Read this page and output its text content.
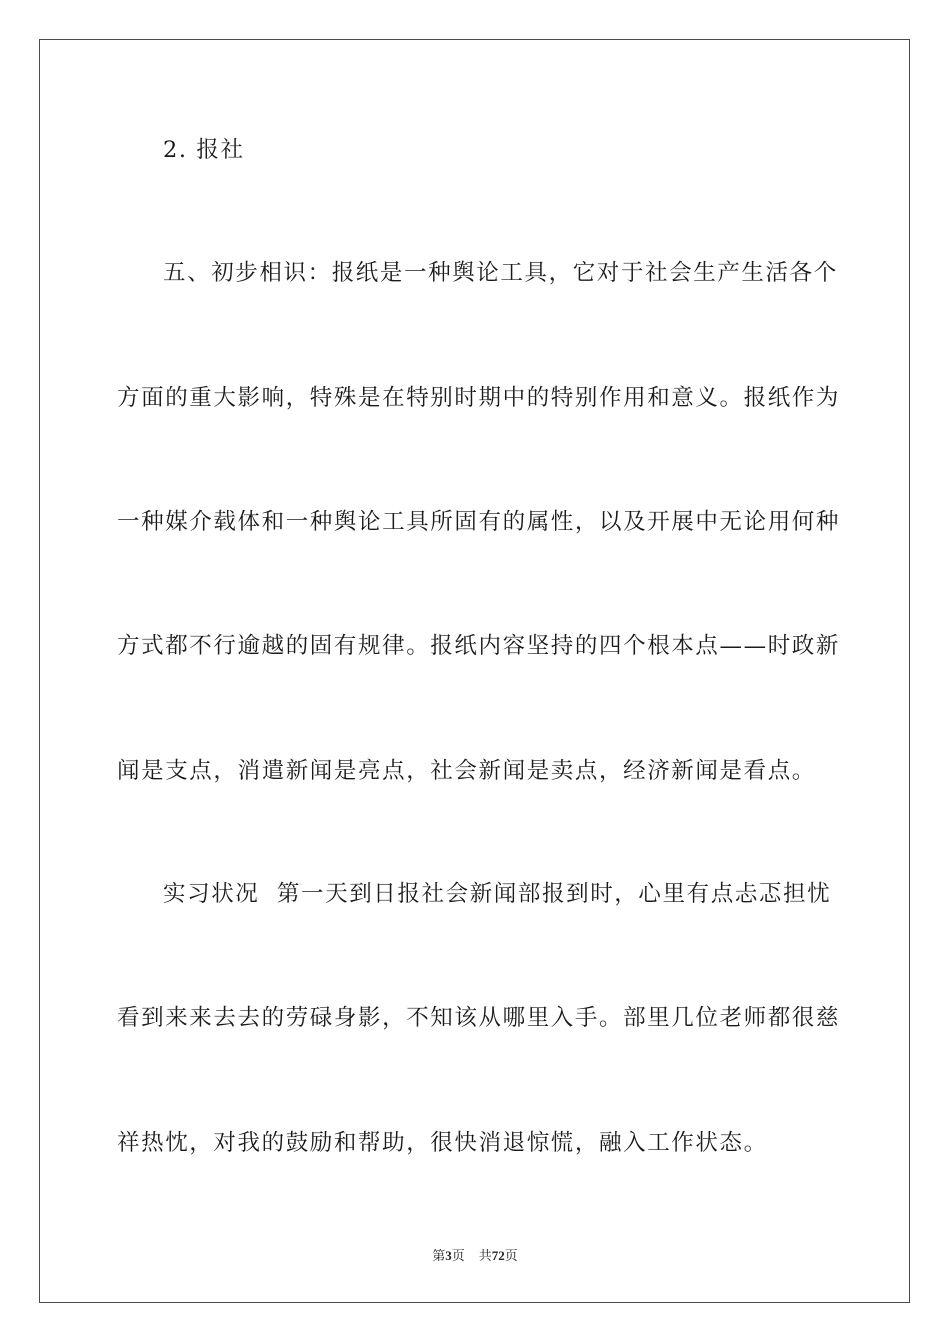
2. 报社
五、初步相识：报纸是一种舆论工具，它对于社会生产生活各个
方面的重大影响，特殊是在特别时期中的特别作用和意义。报纸作为
一种媒介载体和一种舆论工具所固有的属性，以及开展中无论用何种
方式都不行逾越的固有规律。报纸内容坚持的四个根本点——时政新
闻是支点，消遣新闻是亮点，社会新闻是卖点，经济新闻是看点。
实习状况  第一天到日报社会新闻部报到时，心里有点忐忑担忧
看到来来去去的劳碌身影，不知该从哪里入手。部里几位老师都很慈
祥热忱，对我的鼓励和帮助，很快消退惊慌，融入工作状态。
第3页 共72页
